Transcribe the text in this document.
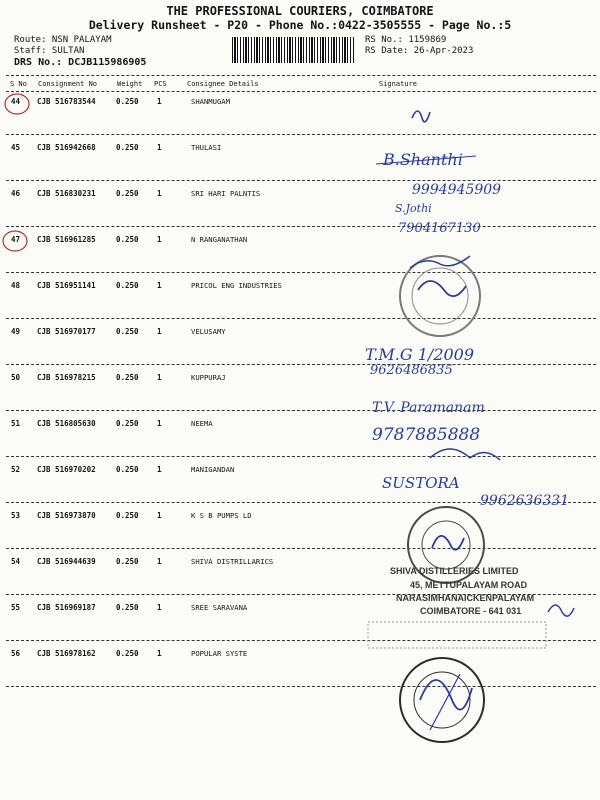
THE PROFESSIONAL COURIERS, COIMBATORE
Delivery Runsheet - P20 - Phone No.:0422-3505555 - Page No.:5
Route: NSN PALAYAM
Staff: SULTAN
DRS No.: DCJB115986905
RS No.: 1159869
RS Date: 26-Apr-2023
S No Consignment No	Weight PCS	Consignee Details	Signature
44 CJB 516783544	0.250 1	SHANMUGAM
45 CJB 516942668	0.250 1	THULASI
46 CJB 516830231	0.250 1	SRI HARI PALNTIS
47 CJB 516961285	0.250 1	N RANGANATHAN
48 CJB 516951141	0.250 1	PRICOL ENG INDUSTRIES
49 CJB 516970177	0.250 1	VELUSAMY
50 CJB 516978215	0.250 1	KUPPURAJ
51 CJB 516805630	0.250 1	NEEMA
52 CJB 516970202	0.250 1	MANIGANDAN
53 CJB 516973870	0.250 1	K S B PUMPS LD
54 CJB 516944639	0.250 1	SHIVA DISTRILLARICS
55 CJB 516969187	0.250 1	SREE SARAVANA
56 CJB 516978162	0.250 1	POPULAR SYSTE
B.Shanthi
9994945909
S.Jothi
7904167130
T.M.G 1/2009
9626486835
T.V. Paramanam
9787885888
SUSTORA
9962636331
SHIVA DISTILLERIES LIMITED
45, METTUPALAYAM ROAD
NARASIMHANAICKENPALAYAM
COIMBATORE - 641 031
